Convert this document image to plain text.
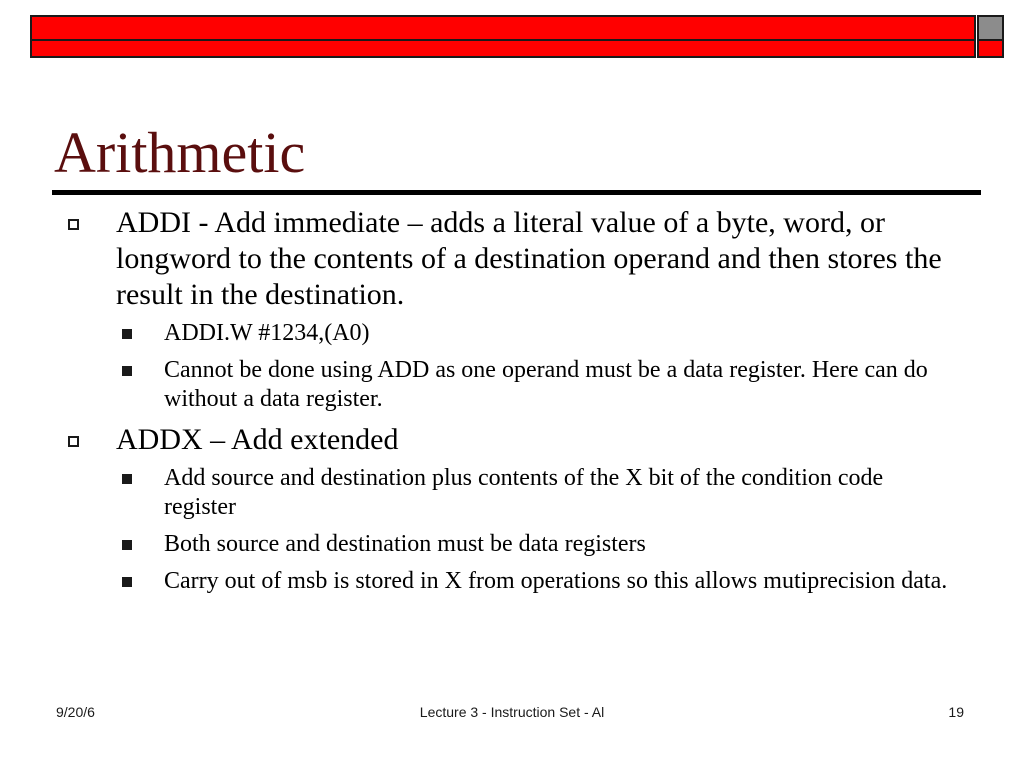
Arithmetic
ADDI - Add immediate – adds a literal value of a byte, word, or longword to the contents of a destination operand and then stores the result in the destination.
ADDI.W #1234,(A0)
Cannot be done using ADD as one operand must be a data register. Here can do without a data register.
ADDX – Add extended
Add source and destination plus contents of the X bit of the condition code register
Both source and destination must be data registers
Carry out of msb is stored in X from operations so this allows mutiprecision data.
9/20/6	Lecture 3 - Instruction Set - Al	19
